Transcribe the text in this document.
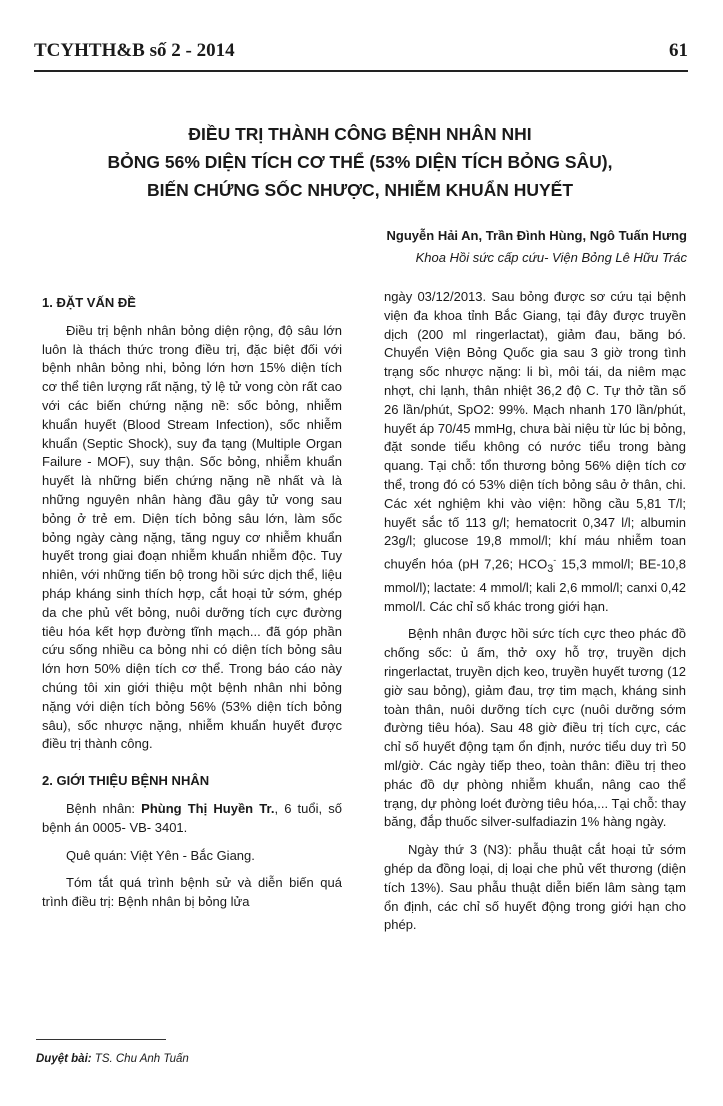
TCYHTH&B số 2 - 2014	61
ĐIỀU TRỊ THÀNH CÔNG BỆNH NHÂN NHI
BỎNG 56% DIỆN TÍCH CƠ THỂ (53% DIỆN TÍCH BỎNG SÂU),
BIẾN CHỨNG SỐC NHƯỢC, NHIỄM KHUẨN HUYẾT
Nguyễn Hải An, Trần Đình Hùng, Ngô Tuấn Hưng
Khoa Hồi sức cấp cứu- Viện Bỏng Lê Hữu Trác
1. ĐẶT VẤN ĐỀ

Điều trị bệnh nhân bỏng diện rộng, độ sâu lớn luôn là thách thức trong điều trị, đặc biệt đối với bệnh nhân bỏng nhi, bỏng lớn hơn 15% diện tích cơ thể tiên lượng rất nặng, tỷ lệ tử vong còn rất cao với các biến chứng nặng nề: sốc bỏng, nhiễm khuẩn huyết (Blood Stream Infection), sốc nhiễm khuẩn (Septic Shock), suy đa tạng (Multiple Organ Failure - MOF), suy thận. Sốc bỏng, nhiễm khuẩn huyết là những biến chứng nặng nề nhất và là những nguyên nhân hàng đầu gây tử vong sau bỏng ở trẻ em. Diện tích bỏng sâu lớn, làm sốc bỏng ngày càng nặng, tăng nguy cơ nhiễm khuẩn huyết trong giai đoạn nhiễm khuẩn nhiễm độc. Tuy nhiên, với những tiến bộ trong hồi sức dịch thể, liệu pháp kháng sinh thích hợp, cắt hoại tử sớm, ghép da che phủ vết bỏng, nuôi dưỡng tích cực đường tiêu hóa kết hợp đường tĩnh mạch... đã góp phần cứu sống nhiều ca bỏng nhi có diện tích bỏng sâu lớn hơn 50% diện tích cơ thể. Trong báo cáo này chúng tôi xin giới thiệu một bệnh nhân nhi bỏng nặng với diện tích bỏng 56% (53% diện tích bỏng sâu), sốc nhược nặng, nhiễm khuẩn huyết được điều trị thành công.

2. GIỚI THIỆU BỆNH NHÂN

Bệnh nhân: Phùng Thị Huyền Tr., 6 tuổi, số bệnh án 0005- VB- 3401.

Quê quán: Việt Yên - Bắc Giang.

Tóm tắt quá trình bệnh sử và diễn biến quá trình điều trị: Bệnh nhân bị bỏng lửa

ngày 03/12/2013. Sau bỏng được sơ cứu tại bệnh viện đa khoa tỉnh Bắc Giang, tại đây được truyền dịch (200 ml ringerlactat), giảm đau, băng bó. Chuyển Viện Bỏng Quốc gia sau 3 giờ trong tình trạng sốc nhược nặng: li bì, môi tái, da niêm mạc nhợt, chi lạnh, thân nhiệt 36,2 độ C. Tự thở tần số 26 lần/phút, SpO2: 99%. Mạch nhanh 170 lần/phút, huyết áp 70/45 mmHg, chưa bài niệu từ lúc bị bỏng, đặt sonde tiểu không có nước tiểu trong bàng quang. Tại chỗ: tổn thương bỏng 56% diện tích cơ thể, trong đó có 53% diện tích bỏng sâu ở thân, chi. Các xét nghiệm khi vào viện: hồng cầu 5,81 T/l; huyết sắc tố 113 g/l; hematocrit 0,347 l/l; albumin 23g/l; glucose 19,8 mmol/l; khí máu nhiễm toan chuyển hóa (pH 7,26; $HCO_3^-$ 15,3 mmol/l; BE-10,8 mmol/l); lactate: 4 mmol/l; kali 2,6 mmol/l; canxi 0,42 mmol/l. Các chỉ số khác trong giới hạn.

Bệnh nhân được hồi sức tích cực theo phác đồ chống sốc: ủ ấm, thở oxy hỗ trợ, truyền dịch ringerlactat, truyền dịch keo, truyền huyết tương (12 giờ sau bỏng), giảm đau, trợ tim mạch, kháng sinh toàn thân, nuôi dưỡng tích cực (nuôi dưỡng sớm đường tiêu hóa). Sau 48 giờ điều trị tích cực, các chỉ số huyết động tạm ổn định, nước tiểu duy trì 50 ml/giờ. Các ngày tiếp theo, toàn thân: điều trị theo phác đồ dự phòng nhiễm khuẩn, nâng cao thể trạng, dự phòng loét đường tiêu hóa,... Tại chỗ: thay băng, đắp thuốc silver-sulfadiazin 1% hàng ngày.

Ngày thứ 3 (N3): phẫu thuật cắt hoại tử sớm ghép da đồng loại, dị loại che phủ vết thương (diện tích 13%). Sau phẫu thuật diễn biến lâm sàng tạm ổn định, các chỉ số huyết động trong giới hạn cho phép.

Duyệt bài: TS. Chu Anh Tuấn
